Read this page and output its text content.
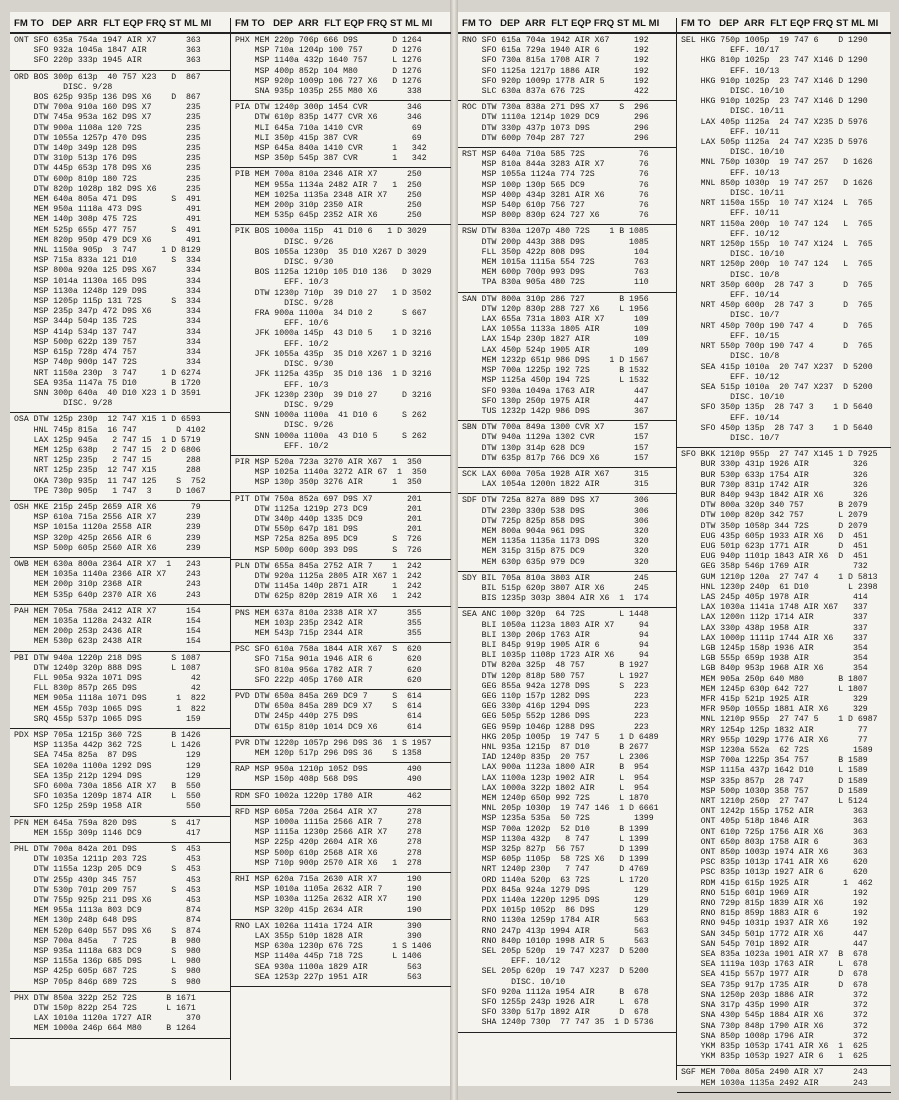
FM TO   DEP  ARR  FLT EQP FRQ ST ML MI
ONT SFO 635a 754a 1947 AIR X7      363
SFO 932a 1045a 1847 AIR        363
SFO 220p 333p 1945 AIR         363
ORD BOS 300p 613p  40 757 X23   D  867
DISC. 9/28
BOS 625p 935p 136 D9S X6    D  867
DTW 700a 910a 160 D9S X7       235
DTW 745a 953a 162 D9S X7       235
DTW 900a 1108a 120 72S         235
DTW 1055a 1257p 470 D9S        235
DTW 140p 349p 128 D9S          235
DTW 310p 513p 176 D9S          235
DTW 445p 653p 178 D9S X6       235
DTW 600p 810p 180 72S          235
DTW 820p 1028p 182 D9S X6      235
MEM 640a 805a 471 D9S       S  491
MEM 950a 1118a 473 D9S         491
MEM 140p 308p 475 72S          491
MEM 525p 655p 477 757       S  491
MEM 820p 950p 479 DC9 X6       491
MNL 1150a 905p  3 747     1 D 8129
MSP 715a 833a 121 D10       S  334
MSP 800a 920a 125 D9S X67      334
MSP 1014a 1130a 165 D9S        334
MSP 1130a 1248p 129 D9S        334
MSP 1205p 115p 131 72S      S  334
MSP 235p 347p 472 D9S X6       334
MSP 344p 504p 135 72S          334
MSP 414p 534p 137 747          334
MSP 500p 622p 139 757          334
MSP 615p 728p 474 757          334
MSP 740p 900p 147 72S          334
NRT 1150a 230p  3 747     1 D 6274
SEA 935a 1147a 75 D10       B 1720
SNN 300p 640a  40 D10 X23 1 D 3591
DISC. 9/28
OSA DTW 125p 230p  12 747 X15 1 D 6593
HNL 745p 815a  16 747        D 4102
LAX 125p 945a   2 747 15  1 D 5719
MEM 125p 638p   2 747 15  2 D 6806
NRT 125p 235p   2 747 15       288
NRT 125p 235p  12 747 X15      288
OKA 730p 935p  11 747 125    S  752
TPE 730p 905p   1 747  3     D 1067
OSH MKE 215p 245p 2659 AIR X6       79
MSP 610a 715a 2556 AIR X7      239
MSP 1015a 1120a 2558 AIR       239
MSP 320p 425p 2656 AIR 6       239
MSP 500p 605p 2560 AIR X6      239
OWB MEM 630a 800a 2364 AIR X7  1   243
MEM 1035a 1140a 2366 AIR X7    243
MEM 200p 310p 2368 AIR         243
MEM 535p 640p 2370 AIR X6      243
PAH MEM 705a 758a 2412 AIR X7      154
MEM 1035a 1128a 2432 AIR       154
MEM 200p 253p 2436 AIR         154
MEM 530p 623p 2438 AIR         154
PBI DTW 940a 1220p 218 D9S      S 1087
DTW 1240p 320p 888 D9S      L 1087
FLL 905a 932a 1071 D9S          42
FLL 830p 857p 265 D9S           42
MEM 905a 1118a 1071 D9S      1  822
MEM 455p 703p 1065 D9S       1  822
SRQ 455p 537p 1065 D9S         159
PDX MSP 705a 1215p 360 72S      B 1426
MSP 1135a 442p 362 72S      L 1426
SEA 745a 825a  87 D9S          129
SEA 1020a 1100a 1292 D9S       129
SEA 135p 212p 1294 D9S         129
SFO 600a 730a 1856 AIR X7   B  550
SFO 1035a 1209p 1874 AIR    L  550
SFO 125p 259p 1958 AIR         550
PFN MEM 645a 759a 820 D9S       S  417
MEM 155p 309p 1146 DC9         417
PHL DTW 700a 842a 201 D9S       S  453
DTW 1035a 1211p 203 72S        453
DTW 1155a 123p 205 DC9      S  453
DTW 255p 430p 345 757          453
DTW 530p 701p 209 757       S  453
DTW 755p 925p 211 D9S X6       453
MEM 955a 1113a 803 DC9         874
MEM 130p 248p 648 D9S          874
MEM 520p 640p 557 D9S X6    S  874
MSP 700a 845a   7 72S       B  980
MSP 935a 1118a 683 DC9      S  980
MSP 1155a 136p 685 D9S      L  980
MSP 425p 605p 687 72S       S  980
MSP 705p 846p 689 72S       S  980
PHX DTW 850a 322p 252 72S      B 1671
DTW 150p 822p 254 72S      L 1671
LAX 1010a 1120a 1727 AIR       370
MEM 1000a 246p 664 M80     B 1264
FM TO   DEP  ARR  FLT EQP FRQ ST ML MI
PHX MEM 220p 706p 666 D9S       D 1264
MSP 710a 1204p 100 757      D 1276
MSP 1140a 432p 1640 757     L 1276
MSP 400p 852p 104 M80       D 1276
MSP 920p 1009p 106 727 X6   D 1276
SNA 935p 1035p 255 M80 X6      338
PIA DTW 1240p 300p 1454 CVR        346
DTW 610p 835p 1477 CVR X6      346
MLI 645a 710a 1410 CVR          69
MLI 350p 415p 387 CVR           69
MSP 645a 840a 1410 CVR      1   342
MSP 350p 545p 387 CVR       1   342
PIB MEM 700a 810a 2346 AIR X7      250
MEM 955a 1134a 2482 AIR 7   1  250
MEM 1025a 1135a 2348 AIR X7    250
MEM 200p 310p 2350 AIR         250
MEM 535p 645p 2352 AIR X6      250
PIK BOS 1000a 115p  41 D10 6   1 D 3029
DISC. 9/26
BOS 1055a 1230p  35 D10 X267 D 3029
DISC. 9/30
BOS 1125a 1210p 105 D10 136   D 3029
EFF. 10/3
DTW 1230p 710p  39 D10 27   1 D 3502
DISC. 9/28
FRA 900a 1100a  34 D10 2      S 667
EFF. 10/6
JFK 1000a 145p  43 D10 5    1 D 3216
EFF. 10/2
JFK 1055a 435p  35 D10 X267 1 D 3216
DISC. 9/30
JFK 1125a 435p  35 D10 136  1 D 3216
EFF. 10/3
JFK 1230p 230p  39 D10 27     D 3216
DISC. 9/29
SNN 1000a 1100a  41 D10 6     S 262
DISC. 9/26
SNN 1000a 1100a  43 D10 5     S 262
EFF. 10/2
PIR MSP 520a 723a 3270 AIR X67  1  350
MSP 1025a 1140a 3272 AIR 67  1  350
MSP 130p 350p 3276 AIR      1  350
PIT DTW 750a 852a 697 D9S X7       201
DTW 1125a 1219p 273 DC9        201
DTW 340p 440p 1335 DC9         201
DTW 550p 647p 181 D9S          201
MSP 725a 825a 895 DC9       S  726
MSP 500p 600p 393 D9S       S  726
PLN DTW 655a 845a 2752 AIR 7    1  242
DTW 920a 1125a 2805 AIR X67 1  242
DTW 1145a 140p 2871 AIR     1  242
DTW 625p 820p 2819 AIR X6   1  242
PNS MEM 637a 810a 2338 AIR X7      355
MEM 103p 235p 2342 AIR         355
MEM 543p 715p 2344 AIR         355
PSC SFO 610a 758a 1844 AIR X67  S  620
SFO 715a 901a 1946 AIR 6       620
SFO 810a 956a 1782 AIR 7       620
SFO 222p 405p 1760 AIR         620
PVD DTW 650a 845a 269 DC9 7     S  614
DTW 650a 845a 289 DC9 X7    S  614
DTW 245p 440p 275 D9S          614
DTW 615p 810p 1014 DC9 X6      614
PVR DTW 1220p 1057p 296 D9S 36  1 S 1957
MEM 120p 517p 296 D9S 36    S 1358
RAP MSP 950a 1210p 1052 D9S        490
MSP 150p 408p 568 D9S          490
RDM SFO 1002a 1220p 1780 AIR       462
RFD MSP 605a 720a 2564 AIR X7      278
MSP 1000a 1115a 2566 AIR 7     278
MSP 1115a 1230p 2566 AIR X7    278
MSP 225p 420p 2604 AIR X6      278
MSP 500p 610p 2568 AIR X6      278
MSP 710p 900p 2570 AIR X6   1  278
RHI MSP 620a 715a 2630 AIR X7      190
MSP 1010a 1105a 2632 AIR 7     190
MSP 1030a 1125a 2632 AIR X7    190
MSP 320p 415p 2634 AIR         190
RNO LAX 1026a 1141a 1724 AIR       390
LAX 355p 510p 1828 AIR         390
MSP 630a 1230p 676 72S      1 S 1406
MSP 1140a 445p 718 72S      L 1406
SEA 930a 1100a 1829 AIR        563
SEA 1253p 227p 1951 AIR        563
FM TO   DEP  ARR  FLT EQP FRQ ST ML MI
RNO SFO 615a 704a 1942 AIR X67     192
SFO 615a 729a 1940 AIR 6       192
SFO 730a 815a 1708 AIR 7       192
SFO 1125a 1217p 1886 AIR       192
SFO 920p 1009p 1778 AIR 5      192
SLC 630a 837a 676 72S          422
ROC DTW 730a 838a 271 D9S X7    S  296
DTW 1110a 1214p 1029 DC9       296
DTW 330p 437p 1073 D9S         296
DTW 600p 704p 287 727          296
RST MSP 640a 710a 585 72S           76
MSP 810a 844a 3283 AIR X7       76
MSP 1055a 1124a 774 72S         76
MSP 100p 130p 565 DC9           76
MSP 400p 434p 3281 AIR X6       76
MSP 540p 610p 756 727           76
MSP 800p 830p 624 727 X6        76
RSW DTW 830a 1207p 480 72S    1 B 1085
DTW 200p 443p 388 D9S         1085
FLL 350p 422p 808 D9S          104
MEM 1015a 1115a 554 72S        763
MEM 600p 700p 993 D9S          763
TPA 830a 905a 480 72S          110
SAN DTW 800a 310p 286 727       B 1956
DTW 120p 830p 288 727 X6    L 1956
LAX 655a 731a 1803 AIR X7      109
LAX 1055a 1133a 1805 AIR       109
LAX 154p 230p 1827 AIR         109
LAX 450p 524p 1905 AIR         109
MEM 1232p 651p 986 D9S    1 D 1567
MSP 700a 1225p 192 72S      B 1532
MSP 1125a 450p 194 72S      L 1532
SFO 930a 1049a 1763 AIR        447
SFO 130p 250p 1975 AIR         447
TUS 1232p 142p 986 D9S         367
SBN DTW 700a 849a 1300 CVR X7      157
DTW 940a 1129a 1302 CVR        157
DTW 130p 314p 628 DC9          157
DTW 635p 817p 766 DC9 X6       157
SCK LAX 600a 705a 1928 AIR X67     315
LAX 1054a 1200n 1822 AIR       315
SDF DTW 725a 827a 889 D9S X7       306
DTW 230p 330p 538 D9S          306
DTW 725p 825p 858 D9S          306
MEM 800a 904a 961 D9S          320
MEM 1135a 1135a 1173 D9S       320
MEM 315p 315p 875 DC9          320
MEM 630p 635p 979 DC9          320
SDY BIL 705a 810a 3803 AIR         245
BIL 515p 620p 3807 AIR X6      245
BIS 1235p 303p 3804 AIR X6  1  174
SEA ANC 100p 320p  64 72S       L 1448
BLI 1050a 1123a 1803 AIR X7     94
BLI 130p 206p 1763 AIR          94
BLI 845p 919p 1905 AIR 6        94
BLI 1035p 1108p 1723 AIR X6     94
DTW 820a 325p  48 757       B 1927
DTW 120p 818p 580 757       L 1927
GEG 855a 942a 1278 D9S      S  223
GEG 110p 157p 1282 D9S         223
GEG 330p 416p 1294 D9S         223
GEG 505p 552p 1286 D9S         223
GEG 959p 1046p 1288 D9S        223
HKG 205p 1005p  19 747 5    1 D 6489
HNL 935a 1215p  87 D10      B 2677
IAD 1240p 835p  20 757      L 2306
LAX 900a 1123a 1800 AIR     B  954
LAX 1100a 123p 1902 AIR     L  954
LAX 1000a 322p 1802 AIR     L  954
MEM 1240p 650p 992 72S      L 1870
MNL 205p 1030p  19 747 146  1 D 6661
MSP 1235a 535a  50 72S         1399
MSP 700a 1202p  52 D10      B 1399
MSP 1130a 432p   8 747      L 1399
MSP 325p 827p  56 757       D 1399
MSP 605p 1105p  58 72S X6   D 1399
NRT 1240p 230p   7 747      D 4769
ORD 1140a 520p  63 72S      L 1720
PDX 845a 924a 1279 D9S         129
PDX 1140a 1220p 1295 D9S       129
PDX 1015p 1052p  86 D9S        129
RNO 1130a 1259p 1784 AIR       563
RNO 247p 413p 1994 AIR         563
RNO 840p 1010p 1998 AIR 5      563
SEL 205p 520p  19 747 X237  D 5200
EFF. 10/12
SEL 205p 620p  19 747 X237  D 5200
DISC. 10/10
SFO 920a 1112a 1954 AIR     B  678
SFO 1255p 243p 1926 AIR     L  678
SFO 330p 517p 1892 AIR      D  678
SHA 1240p 730p  77 747 35  1 D 5736
FM TO   DEP  ARR  FLT EQP FRQ ST ML MI
SEL HKG 750p 1005p  19 747 6    D 1290
EFF. 10/17
HKG 810p 1025p  23 747 X146 D 1290
EFF. 10/13
HKG 910p 1025p  23 747 X146 D 1290
DISC. 10/10
HKG 910p 1025p  23 747 X146 D 1290
DISC. 10/11
LAX 405p 1125a  24 747 X235 D 5976
EFF. 10/11
LAX 505p 1125a  24 747 X235 D 5976
DISC. 10/10
MNL 750p 1030p  19 747 257   D 1626
EFF. 10/13
MNL 850p 1030p  19 747 257   D 1626
DISC. 10/11
NRT 1150a 155p  10 747 X124  L  765
EFF. 10/11
NRT 1150a 200p  10 747 124   L  765
EFF. 10/12
NRT 1250p 155p  10 747 X124  L  765
DISC. 10/10
NRT 1250p 200p  10 747 124   L  765
DISC. 10/8
NRT 350p 600p  28 747 3      D  765
EFF. 10/14
NRT 450p 600p  28 747 3      D  765
DISC. 10/7
NRT 450p 700p 190 747 4      D  765
EFF. 10/15
NRT 550p 700p 190 747 4      D  765
DISC. 10/8
SEA 415p 1010a  20 747 X237  D 5200
EFF. 10/12
SEA 515p 1010a  20 747 X237  D 5200
DISC. 10/10
SFO 350p 135p  28 747 3    1 D 5640
EFF. 10/14
SFO 450p 135p  28 747 3    1 D 5640
DISC. 10/7
SFO BKK 1210p 955p  27 747 X145 1 D 7925
BUR 330p 431p 1926 AIR         326
BUR 530p 633p 1754 AIR         326
BUR 730p 831p 1742 AIR         326
BUR 840p 943p 1842 AIR X6      326
DTW 800a 320p 340 757       B 2079
DTW 100p 820p 342 757       L 2079
DTW 350p 1058p 344 72S      D 2079
EUG 435p 605p 1933 AIR X6   D  451
EUG 501p 623p 1771 AIR      D  451
EUG 940p 1101p 1843 AIR X6  D  451
GEG 358p 546p 1769 AIR         732
GUM 1210p 120a  27 747 4    1 D 5813
HNL 1230p 240p  61 D10        L 2398
LAS 245p 405p 1978 AIR         414
LAX 1030a 1141a 1748 AIR X67   337
LAX 1200n 112p 1714 AIR        337
LAX 330p 438p 1958 AIR         337
LAX 1000p 1111p 1744 AIR X6    337
LGB 1245p 158p 1936 AIR        354
LGB 555p 659p 1938 AIR         354
LGB 840p 953p 1968 AIR X6      354
MEM 905a 250p 640 M80       B 1807
MEM 1245p 630p 642 727      L 1807
MFR 415p 521p 1925 AIR         329
MFR 950p 1055p 1881 AIR X6     329
MNL 1210p 955p  27 747 5    1 D 6987
MRY 1254p 125p 1832 AIR         77
MRY 955p 1029p 1776 AIR X6      77
MSP 1230a 552a  62 72S         1589
MSP 700a 1225p 354 757      B 1589
MSP 1115a 437p 1642 D10     L 1589
MSP 335p 857p  28 747       D 1589
MSP 500p 1030p 358 757      D 1589
NRT 1210p 250p  27 747      L 5124
ONT 1242p 155p 1752 AIR        363
ONT 405p 518p 1846 AIR         363
ONT 610p 725p 1756 AIR X6      363
ONT 650p 803p 1758 AIR 6       363
ONT 850p 1003p 1974 AIR X6     363
PSC 835p 1013p 1741 AIR X6     620
PSC 835p 1013p 1927 AIR 6      620
RDM 415p 615p 1925 AIR       1  462
RNO 515p 601p 1969 AIR         192
RNO 729p 815p 1839 AIR X6      192
RNO 815p 859p 1883 AIR 6       192
RNO 945p 1031p 1937 AIR X6     192
SAN 345p 501p 1772 AIR X6      447
SAN 545p 701p 1892 AIR         447
SEA 835a 1023a 1901 AIR X7  B  678
SEA 1119a 103p 1763 AIR     L  678
SEA 415p 557p 1977 AIR      D  678
SEA 735p 917p 1735 AIR      D  678
SNA 1250p 203p 1886 AIR        372
SNA 317p 435p 1990 AIR         372
SNA 430p 545p 1884 AIR X6      372
SNA 730p 848p 1790 AIR X6      372
SNA 850p 1008p 1796 AIR        372
YKM 835p 1053p 1741 AIR X6  1  625
YKM 835p 1053p 1927 AIR 6   1  625
SGF MEM 700a 805a 2490 AIR X7      243
MEM 1030a 1135a 2492 AIR       243
